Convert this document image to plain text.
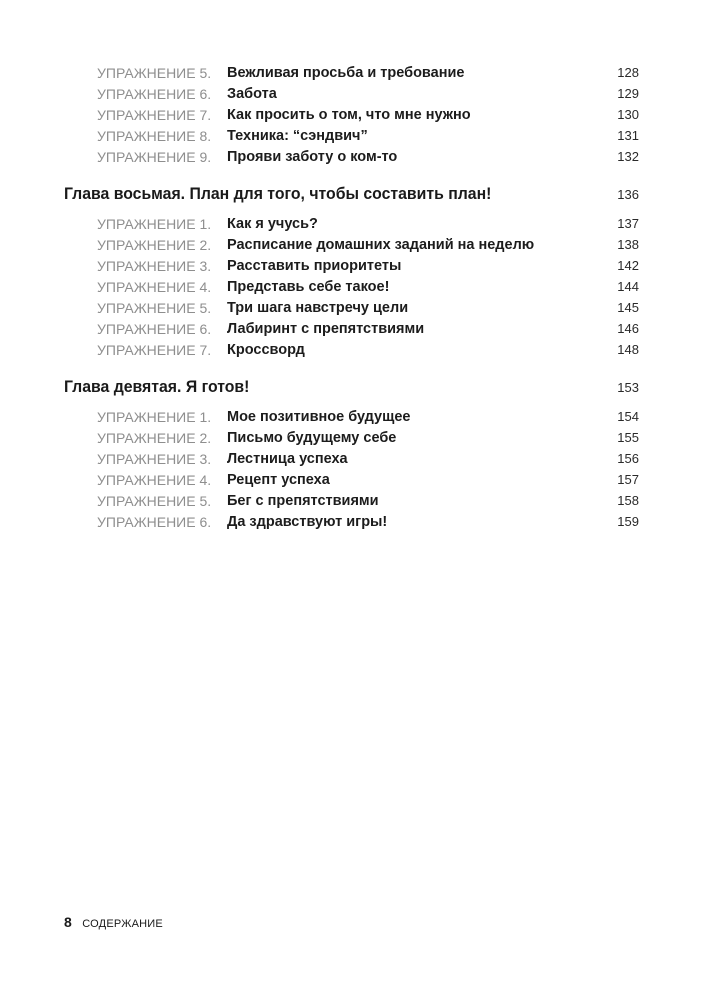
УПРАЖНЕНИЕ 5. Вежливая просьба и требование	128
УПРАЖНЕНИЕ 6. Забота	129
УПРАЖНЕНИЕ 7. Как просить о том, что мне нужно	130
УПРАЖНЕНИЕ 8. Техника: “сэндвич”	131
УПРАЖНЕНИЕ 9. Прояви заботу о ком-то	132
Глава восьмая. План для того, чтобы составить план!	136
УПРАЖНЕНИЕ 1. Как я учусь?	137
УПРАЖНЕНИЕ 2. Расписание домашних заданий на неделю	138
УПРАЖНЕНИЕ 3. Расставить приоритеты	142
УПРАЖНЕНИЕ 4. Представь себе такое!	144
УПРАЖНЕНИЕ 5. Три шага навстречу цели	145
УПРАЖНЕНИЕ 6. Лабиринт с препятствиями	146
УПРАЖНЕНИЕ 7. Кроссворд	148
Глава девятая. Я готов!	153
УПРАЖНЕНИЕ 1. Мое позитивное будущее	154
УПРАЖНЕНИЕ 2. Письмо будущему себе	155
УПРАЖНЕНИЕ 3. Лестница успеха	156
УПРАЖНЕНИЕ 4. Рецепт успеха	157
УПРАЖНЕНИЕ 5. Бег с препятствиями	158
УПРАЖНЕНИЕ 6. Да здравствуют игры!	159
8 СОДЕРЖАНИЕ
